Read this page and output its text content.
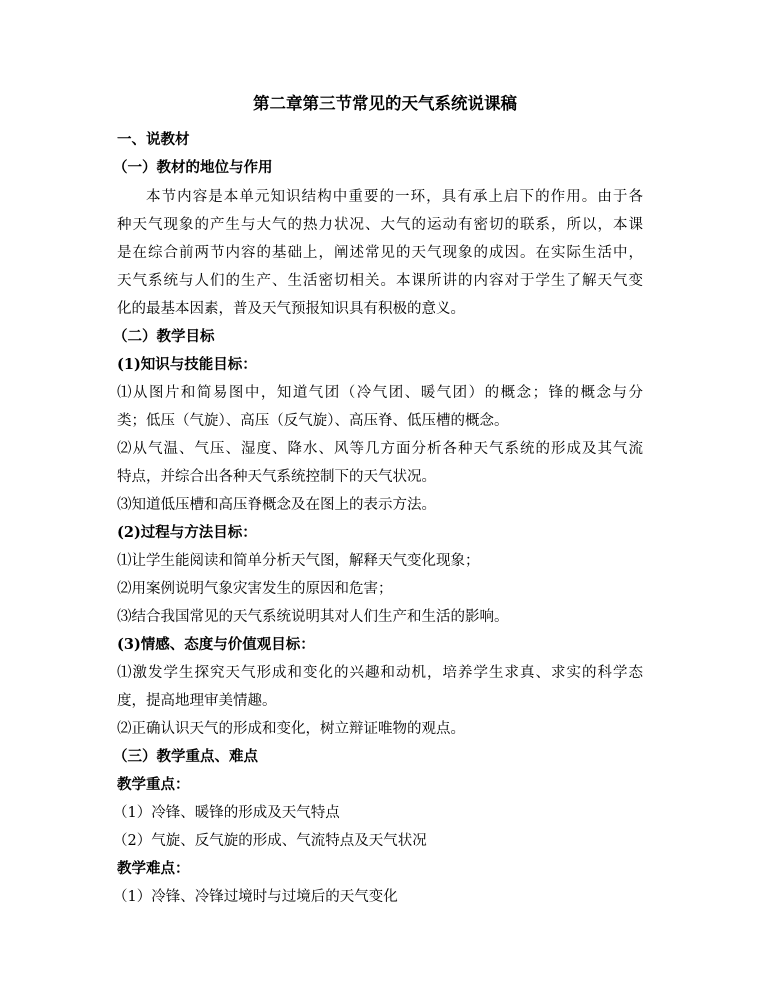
第二章第三节常见的天气系统说课稿
一、说教材
（一）教材的地位与作用
本节内容是本单元知识结构中重要的一环，具有承上启下的作用。由于各
种天气现象的产生与大气的热力状况、大气的运动有密切的联系，所以，本课
是在综合前两节内容的基础上，阐述常见的天气现象的成因。在实际生活中，
天气系统与人们的生产、生活密切相关。本课所讲的内容对于学生了解天气变
化的最基本因素，普及天气预报知识具有积极的意义。
（二）教学目标
(1)知识与技能目标：
⑴从图片和简易图中，知道气团（冷气团、暖气团）的概念；锋的概念与分
类；低压（气旋）、高压（反气旋）、高压脊、低压槽的概念。
⑵从气温、气压、湿度、降水、风等几方面分析各种天气系统的形成及其气流
特点，并综合出各种天气系统控制下的天气状况。
⑶知道低压槽和高压脊概念及在图上的表示方法。
(2)过程与方法目标：
⑴让学生能阅读和简单分析天气图，解释天气变化现象；
⑵用案例说明气象灾害发生的原因和危害；
⑶结合我国常见的天气系统说明其对人们生产和生活的影响。
(3)情感、态度与价值观目标：
⑴激发学生探究天气形成和变化的兴趣和动机，培养学生求真、求实的科学态
度，提高地理审美情趣。
⑵正确认识天气的形成和变化，树立辩证唯物的观点。
（三）教学重点、难点
教学重点：
（1）冷锋、暖锋的形成及天气特点
（2）气旋、反气旋的形成、气流特点及天气状况
教学难点：
（1）冷锋、冷锋过境时与过境后的天气变化
